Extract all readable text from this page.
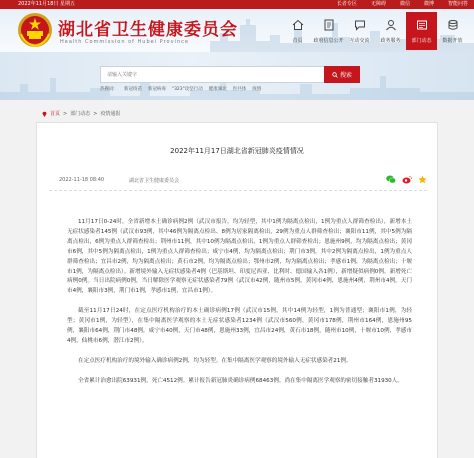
2022年11月18日 星期五	长者专区	无障碍	微信	微博	智能问答
湖北省卫生健康委员会
Health Commission of Hubei Province	首页 政府信息公开 互动交流 政务服务 部门动态 数据开放
请输入关键字
搜索
热搜词： 新冠疫苗 新冠病毒 "323"攻坚行动 健康湖北 医共体 疫情
首页 > 部门动态 > 疫情通报
2022年11月17日湖北省新冠肺炎疫情情况
2022-11-18 08:40	湖北省卫生健康委员会

11月17日0-24时，全省新增本土确诊病例2例（武汉市报告，均为轻型，其中1例为隔离点检出，1例为重点人群筛查检出），新增本土无症状感染者145例（武汉市93例，其中46例为隔离点检出、8例为居家隔离检出，29例为重点人群筛查检出；襄阳市11例，其中5例为隔离点检出，6例为重点人群筛查检出；荆州市11例，其中10例为隔离点检出，1例为重点人群筛查检出；恩施州9例，均为隔离点检出；黄冈市6例，其中5例为隔离点检出，1例为重点人群筛查检出；咸宁市4例，均为隔离点检出；荆门市3例，其中2例为隔离点检出，1例为重点人群筛查检出；宜昌市2例，均为隔离点检出；黄石市2例，均为隔离点检出；鄂州市2例，均为隔离点检出；孝感市1例，为隔离点检出；十堰市1例，为隔离点检出）。新增境外输入无症状感染者4例（巴基斯坦、印度尼西亚、比利时、德国输入各1例），新增疑似病例0例。新增死亡病例0例。当日出院病例0例，当日解除医学观察无症状感染者79例（武汉市42例，随州市5例，黄冈市4例，恩施州4例，荆州市4例，天门市4例，襄阳市3例，荆门市1例，孝感市1例，宜昌市1例）。

截至11月17日24时，在定点医疗机构治疗的本土确诊病例17例（武汉市15例，其中14例为轻型，1例为普通型；襄阳市1例，为轻型；黄冈市1例，为轻型），在集中隔离医学观察的本土无症状感染者1234例（武汉市560例，黄冈市178例，荆州市164例，恩施州95例，襄阳市64例，荆门市48例，咸宁市40例，天门市48例，恩施州33例，宜昌市24例，黄石市18例，随州市10例，十堰市10例，孝感市4例，仙桃市6例，潜江市2例）。

在定点医疗机构治疗的境外输入确诊病例2例，均为轻型。在集中隔离医学观察的境外输入无症状感染者21例。

全省累计治愈出院63931例，死亡4512例。累计报告新冠肺炎确诊病例68463例。尚在集中隔离医学观察的密切接触者31930人。
